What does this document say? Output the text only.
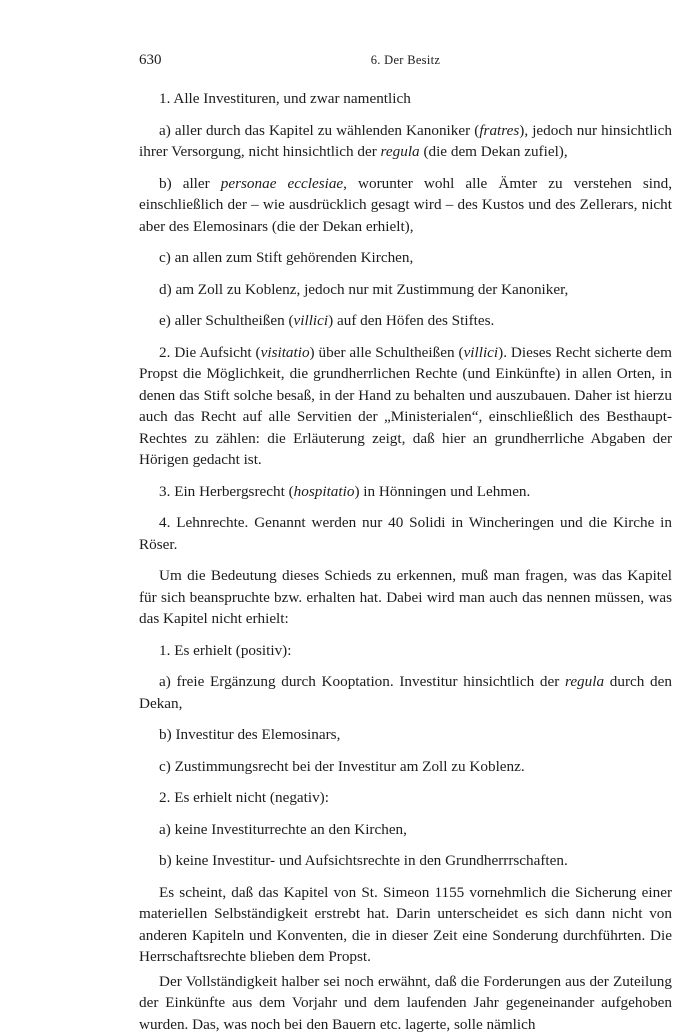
630	6. Der Besitz

1. Alle Investituren, und zwar namentlich

a) aller durch das Kapitel zu wählenden Kanoniker (fratres), jedoch nur hinsichtlich ihrer Versorgung, nicht hinsichtlich der regula (die dem Dekan zufiel),

b) aller personae ecclesiae, worunter wohl alle Ämter zu verstehen sind, einschließlich der – wie ausdrücklich gesagt wird – des Kustos und des Zellerars, nicht aber des Elemosinars (die der Dekan erhielt),

c) an allen zum Stift gehörenden Kirchen,

d) am Zoll zu Koblenz, jedoch nur mit Zustimmung der Kanoniker,

e) aller Schultheißen (villici) auf den Höfen des Stiftes.

2. Die Aufsicht (visitatio) über alle Schultheißen (villici). Dieses Recht sicherte dem Propst die Möglichkeit, die grundherrlichen Rechte (und Einkünfte) in allen Orten, in denen das Stift solche besaß, in der Hand zu behalten und auszubauen. Daher ist hierzu auch das Recht auf alle Servitien der „Ministerialen“, einschließlich des Besthaupt-Rechtes zu zählen: die Erläuterung zeigt, daß hier an grundherrliche Abgaben der Hörigen gedacht ist.

3. Ein Herbergsrecht (hospitatio) in Hönningen und Lehmen.

4. Lehnrechte. Genannt werden nur 40 Solidi in Wincheringen und die Kirche in Röser.

Um die Bedeutung dieses Schieds zu erkennen, muß man fragen, was das Kapitel für sich beanspruchte bzw. erhalten hat. Dabei wird man auch das nennen müssen, was das Kapitel nicht erhielt:

1. Es erhielt (positiv):

a) freie Ergänzung durch Kooptation. Investitur hinsichtlich der regula durch den Dekan,

b) Investitur des Elemosinars,

c) Zustimmungsrecht bei der Investitur am Zoll zu Koblenz.

2. Es erhielt nicht (negativ):

a) keine Investiturrechte an den Kirchen,

b) keine Investitur- und Aufsichtsrechte in den Grundherrrschaften.

Es scheint, daß das Kapitel von St. Simeon 1155 vornehmlich die Sicherung einer materiellen Selbständigkeit erstrebt hat. Darin unterscheidet es sich dann nicht von anderen Kapiteln und Konventen, die in dieser Zeit eine Sonderung durchführten. Die Herrschaftsrechte blieben dem Propst.

Der Vollständigkeit halber sei noch erwähnt, daß die Forderungen aus der Zuteilung der Einkünfte aus dem Vorjahr und dem laufenden Jahr gegeneinander aufgehoben wurden. Das, was noch bei den Bauern etc. lagerte, solle nämlich
